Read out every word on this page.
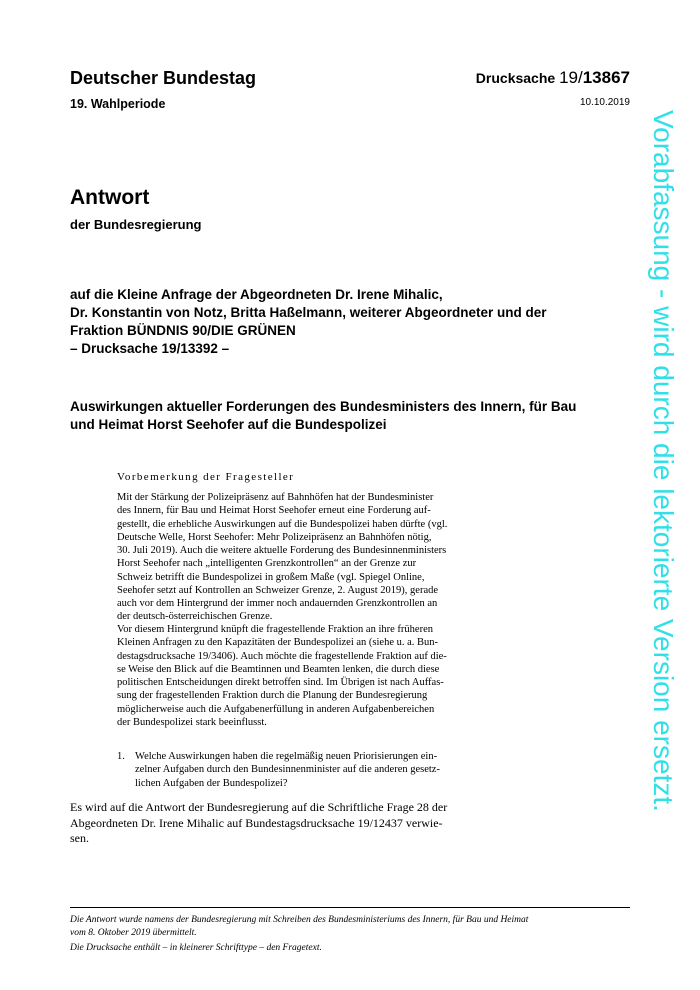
Deutscher Bundestag
19. Wahlperiode
Drucksache 19/13867
10.10.2019
Antwort
der Bundesregierung
auf die Kleine Anfrage der Abgeordneten Dr. Irene Mihalic,
Dr. Konstantin von Notz, Britta Haßelmann, weiterer Abgeordneter und der
Fraktion BÜNDNIS 90/DIE GRÜNEN
– Drucksache 19/13392 –
Auswirkungen aktueller Forderungen des Bundesministers des Innern, für Bau
und Heimat Horst Seehofer auf die Bundespolizei
Vorbemerkung der Fragesteller
Mit der Stärkung der Polizeipräsenz auf Bahnhöfen hat der Bundesminister
des Innern, für Bau und Heimat Horst Seehofer erneut eine Forderung auf-
gestellt, die erhebliche Auswirkungen auf die Bundespolizei haben dürfte (vgl.
Deutsche Welle, Horst Seehofer: Mehr Polizeipräsenz an Bahnhöfen nötig,
30. Juli 2019). Auch die weitere aktuelle Forderung des Bundesinnenministers
Horst Seehofer nach „intelligenten Grenzkontrollen“ an der Grenze zur
Schweiz betrifft die Bundespolizei in großem Maße (vgl. Spiegel Online,
Seehofer setzt auf Kontrollen an Schweizer Grenze, 2. August 2019), gerade
auch vor dem Hintergrund der immer noch andauernden Grenzkontrollen an
der deutsch-österreichischen Grenze.
Vor diesem Hintergrund knüpft die fragestellende Fraktion an ihre früheren
Kleinen Anfragen zu den Kapazitäten der Bundespolizei an (siehe u. a. Bun-
destagsdrucksache 19/3406). Auch möchte die fragestellende Fraktion auf die-
se Weise den Blick auf die Beamtinnen und Beamten lenken, die durch diese
politischen Entscheidungen direkt betroffen sind. Im Übrigen ist nach Auffas-
sung der fragestellenden Fraktion durch die Planung der Bundesregierung
möglicherweise auch die Aufgabenerfüllung in anderen Aufgabenbereichen
der Bundespolizei stark beeinflusst.
1. Welche Auswirkungen haben die regelmäßig neuen Priorisierungen ein-
zelner Aufgaben durch den Bundesinnenminister auf die anderen gesetz-
lichen Aufgaben der Bundespolizei?
Es wird auf die Antwort der Bundesregierung auf die Schriftliche Frage 28 der
Abgeordneten Dr. Irene Mihalic auf Bundestagsdrucksache 19/12437 verwie-
sen.
Die Antwort wurde namens der Bundesregierung mit Schreiben des Bundesministeriums des Innern, für Bau und Heimat
vom 8. Oktober 2019 übermittelt.
Die Drucksache enthält – in kleinerer Schrifttype – den Fragetext.
Vorabfassung - wird durch die lektorierte Version ersetzt.
